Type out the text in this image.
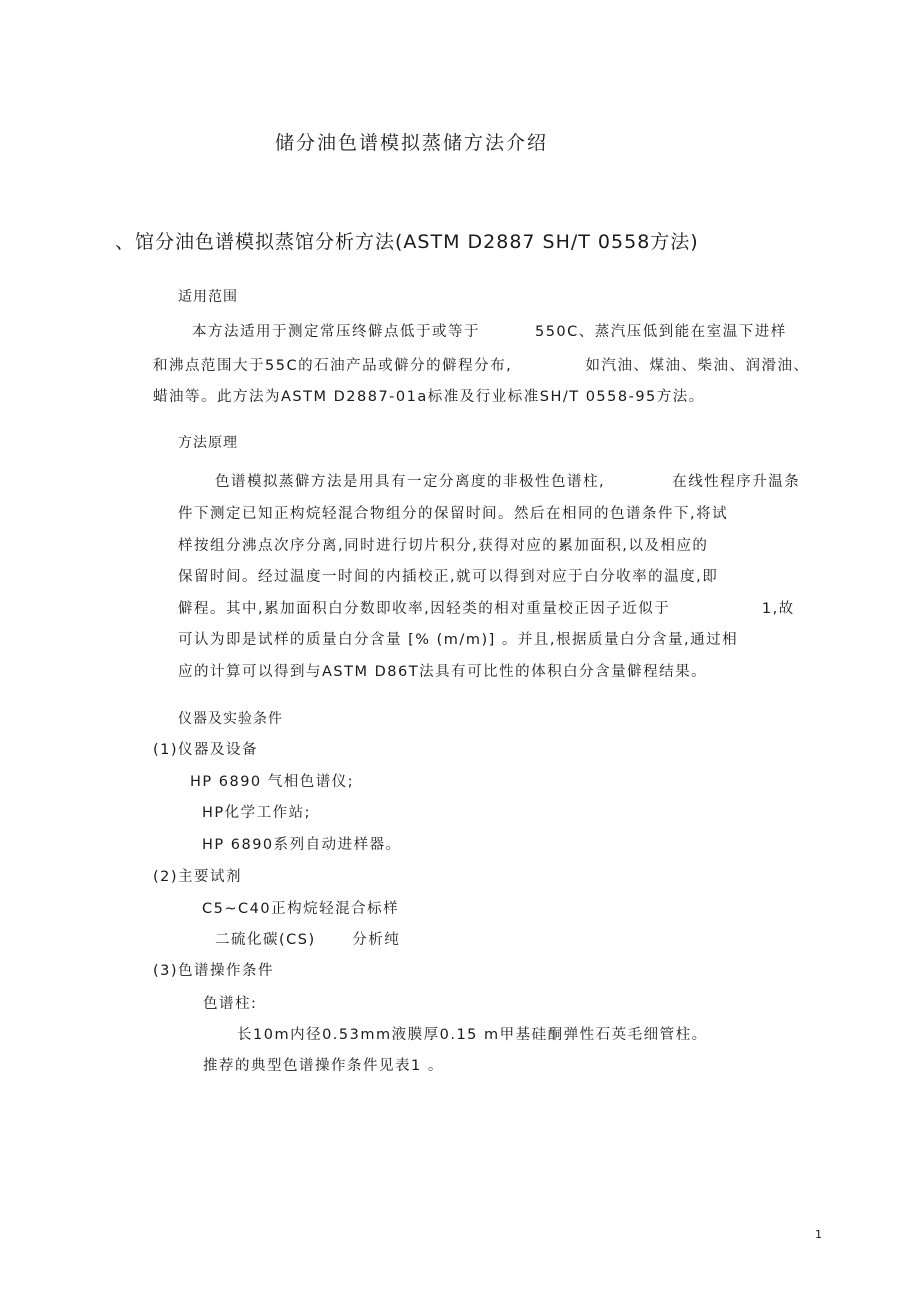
储分油色谱模拟蒸储方法介绍
、馆分油色谱模拟蒸馆分析方法(ASTM D2887 SH/T 0558方法)
适用范围
本方法适用于测定常压终僻点低于或等于         550C、蒸汽压低到能在室温下进样
和沸点范围大于55C的石油产品或僻分的僻程分布,            如汽油、煤油、柴油、润滑油、
蜡油等。此方法为ASTM D2887-01a标准及行业标准SH/T 0558-95方法。
方法原理
色谱模拟蒸僻方法是用具有一定分离度的非极性色谱柱,           在线性程序升温条
件下测定已知正构烷轻混合物组分的保留时间。然后在相同的色谱条件下,将试
样按组分沸点次序分离,同时进行切片积分,获得对应的累加面积,以及相应的
保留时间。经过温度一时间的内插校正,就可以得到对应于白分收率的温度,即
僻程。其中,累加面积白分数即收率,因轻类的相对重量校正因子近似于               1,故
可认为即是试样的质量白分含量 [% (m/m)] 。并且,根据质量白分含量,通过相
应的计算可以得到与ASTM D86T法具有可比性的体积白分含量僻程结果。
仪器及实验条件
(1)仪器及设备
HP 6890 气相色谱仪;
HP化学工作站;
HP 6890系列自动进样器。
(2)主要试剂
C5~C40正构烷轻混合标样
二硫化碳(CS)      分析纯
(3)色谱操作条件
色谱柱:
长10m内径0.53mm液膜厚0.15 m甲基硅酮弹性石英毛细管柱。
推荐的典型色谱操作条件见表1 。
1
